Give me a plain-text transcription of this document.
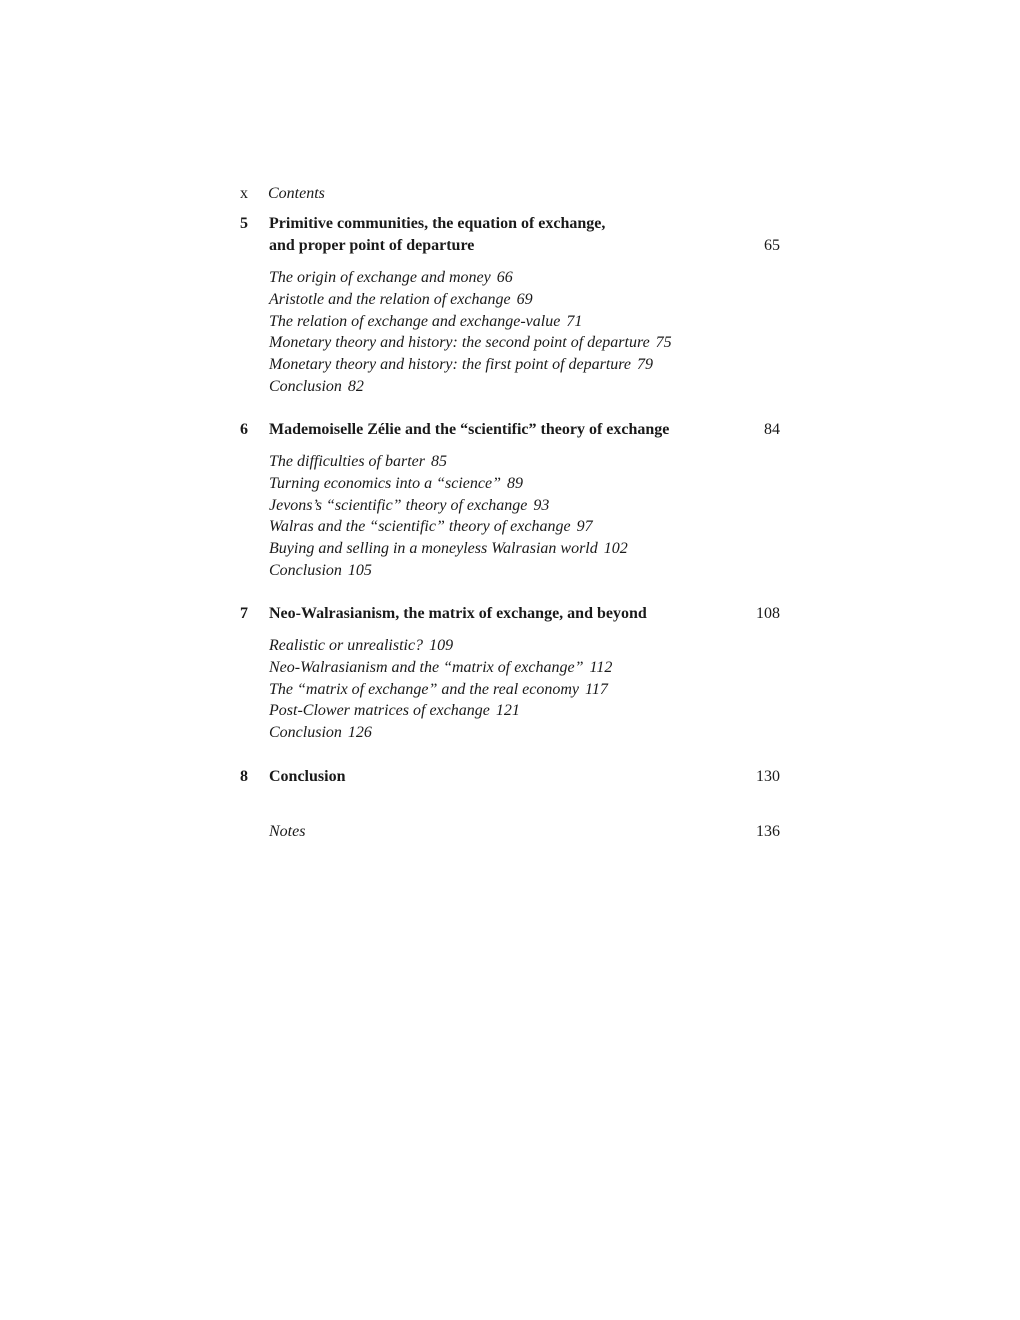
x Contents
5 Primitive communities, the equation of exchange,
and proper point of departure	65
The origin of exchange and money 66
Aristotle and the relation of exchange 69
The relation of exchange and exchange-value 71
Monetary theory and history: the second point of departure 75
Monetary theory and history: the first point of departure 79
Conclusion 82
6 Mademoiselle Zélie and the “scientific” theory of exchange	84
The difficulties of barter 85
Turning economics into a “science” 89
Jevons’s “scientific” theory of exchange 93
Walras and the “scientific” theory of exchange 97
Buying and selling in a moneyless Walrasian world 102
Conclusion 105
7 Neo-Walrasianism, the matrix of exchange, and beyond	108
Realistic or unrealistic? 109
Neo-Walrasianism and the “matrix of exchange” 112
The “matrix of exchange” and the real economy 117
Post-Clower matrices of exchange 121
Conclusion 126
8 Conclusion	130
Notes	136
